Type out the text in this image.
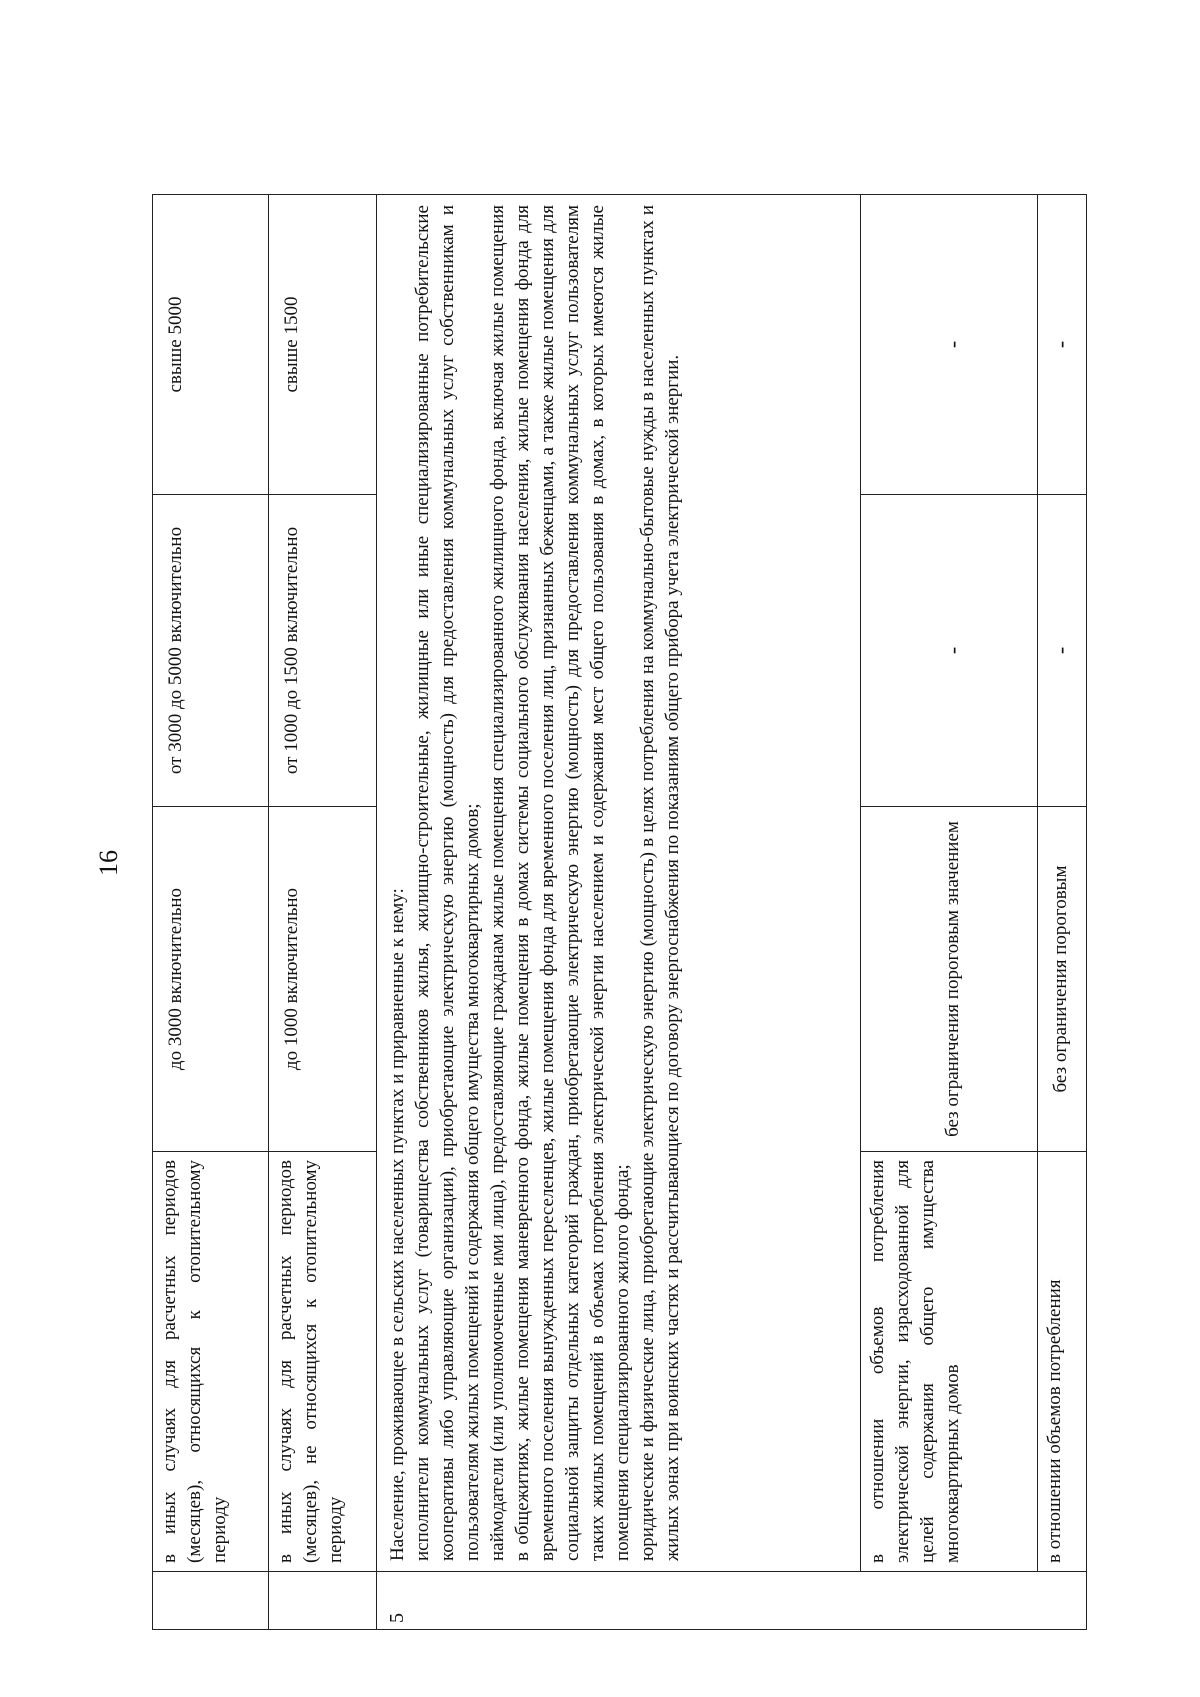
16
	в иных случаях для расчетных периодов (месяцев), относящихся к отопительному периоду	до 3000 включительно	от 3000 до 5000 включительно	свыше 5000
	в иных случаях для расчетных периодов (месяцев), не относящихся к отопительному периоду	до 1000 включительно	от 1000 до 1500 включительно	свыше 1500
5	Население, проживающее в сельских населенных пунктах и приравненные к нему: исполнители коммунальных услуг (товарищества собственников жилья, жилищно-строительные, жилищные или иные специализированные потребительские кооперативы либо управляющие организации), приобретающие электрическую энергию (мощность) для предоставления коммунальных услуг собственникам и пользователям жилых помещений и содержания общего имущества многоквартирных домов; наймодатели (или уполномоченные ими лица), предоставляющие гражданам жилые помещения специализированного жилищного фонда, включая жилые помещения в общежитиях, жилые помещения маневренного фонда, жилые помещения в домах системы социального обслуживания населения, жилые помещения фонда для временного поселения вынужденных переселенцев, жилые помещения фонда для временного поселения лиц, признанных беженцами, а также жилые помещения для социальной защиты отдельных категорий граждан, приобретающие электрическую энергию (мощность) для предоставления коммунальных услуг пользователям таких жилых помещений в объемах потребления электрической энергии населением и содержания мест общего пользования в домах, в которых имеются жилые помещения специализированного жилого фонда; юридические и физические лица, приобретающие электрическую энергию (мощность) в целях потребления на коммунально-бытовые нужды в населенных пунктах и жилых зонах при воинских частях и рассчитывающиеся по договору энергоснабжения по показаниям общего прибора учета электрической энергии.			

	в отношении объемов потребления электрической энергии, израсходованной для целей содержания общего имущества многоквартирных домов	без ограничения пороговым значением	-	-
	в отношении объемов потребления	без ограничения пороговым	-	-
